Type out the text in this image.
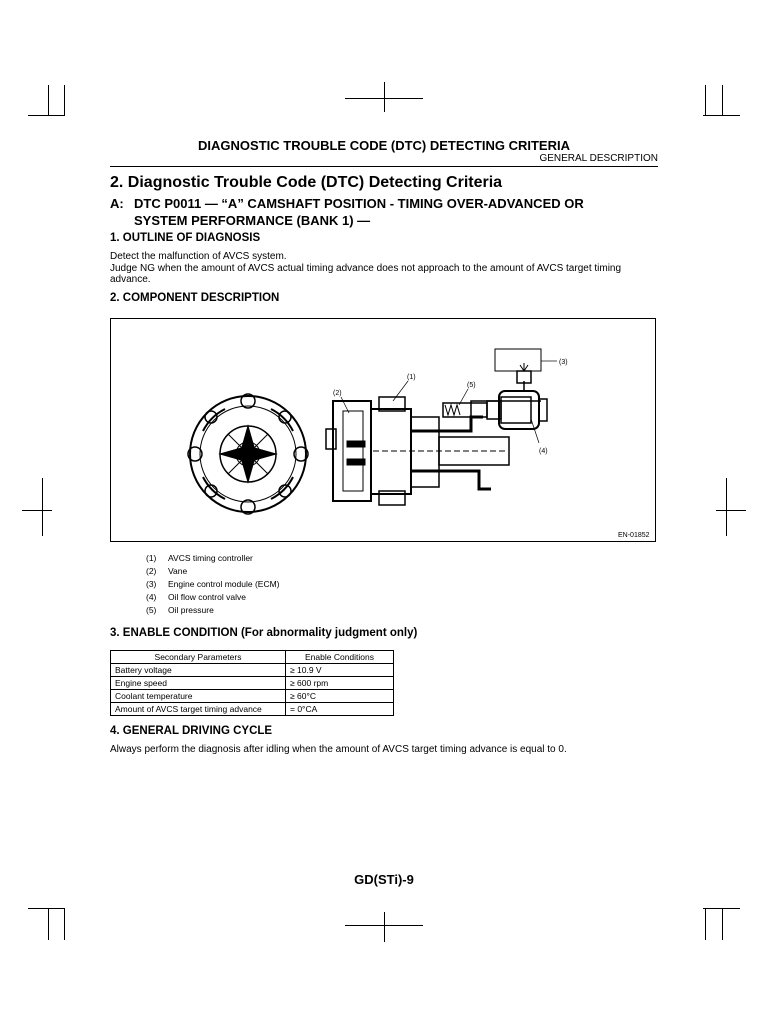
DIAGNOSTIC TROUBLE CODE (DTC) DETECTING CRITERIA
GENERAL DESCRIPTION
2. Diagnostic Trouble Code (DTC) Detecting Criteria
A: DTC P0011 — “A” CAMSHAFT POSITION - TIMING OVER-ADVANCED OR
SYSTEM PERFORMANCE (BANK 1) —
1. OUTLINE OF DIAGNOSIS
Detect the malfunction of AVCS system.
Judge NG when the amount of AVCS actual timing advance does not approach to the amount of AVCS target timing advance.
2. COMPONENT DESCRIPTION
(1)
(2)
(3)
(4)
(5)
EN-01852
(1)	AVCS timing controller
(2)	Vane
(3)	Engine control module (ECM)
(4)	Oil flow control valve
(5)	Oil pressure
3. ENABLE CONDITION (For abnormality judgment only)
Secondary Parameters	Enable Conditions
Battery voltage	≥ 10.9 V
Engine speed	≥ 600 rpm
Coolant temperature	≥ 60°C
Amount of AVCS target timing advance	= 0°CA
4. GENERAL DRIVING CYCLE
Always perform the diagnosis after idling when the amount of AVCS target timing advance is equal to 0.
GD(STi)-9
